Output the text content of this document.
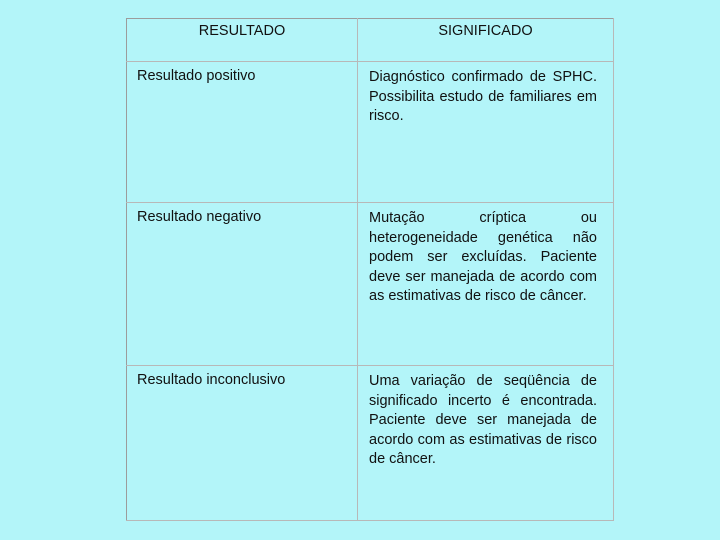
RESULTADO	SIGNIFICADO

Resultado positivo	Diagnóstico confirmado de SPHC. Possibilita estudo de familiares em risco.

Resultado negativo	Mutação críptica ou heterogeneidade genética não podem ser excluídas. Paciente deve ser manejada de acordo com as estimativas de risco de câncer.

Resultado inconclusivo	Uma variação de seqüência de significado incerto é encontrada. Paciente deve ser manejada de acordo com as estimativas de risco de câncer.
